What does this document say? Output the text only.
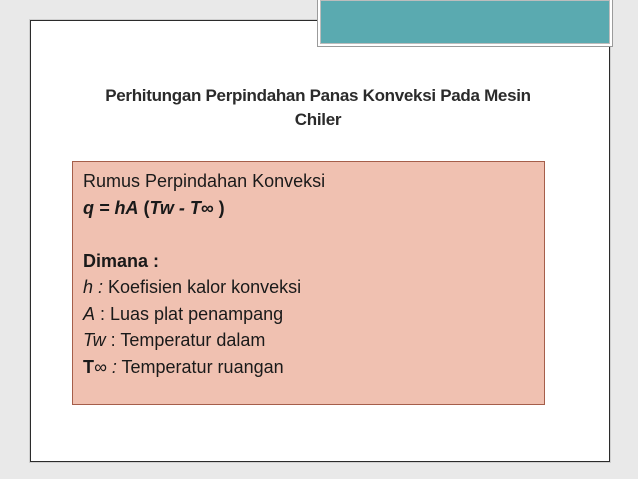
Perhitungan Perpindahan Panas Konveksi Pada Mesin
Chiler
Rumus Perpindahan Konveksi
q = hA (Tw - T∞ )
Dimana :
h : Koefisien kalor konveksi
A : Luas plat penampang
Tw : Temperatur dalam
T∞ : Temperatur ruangan
